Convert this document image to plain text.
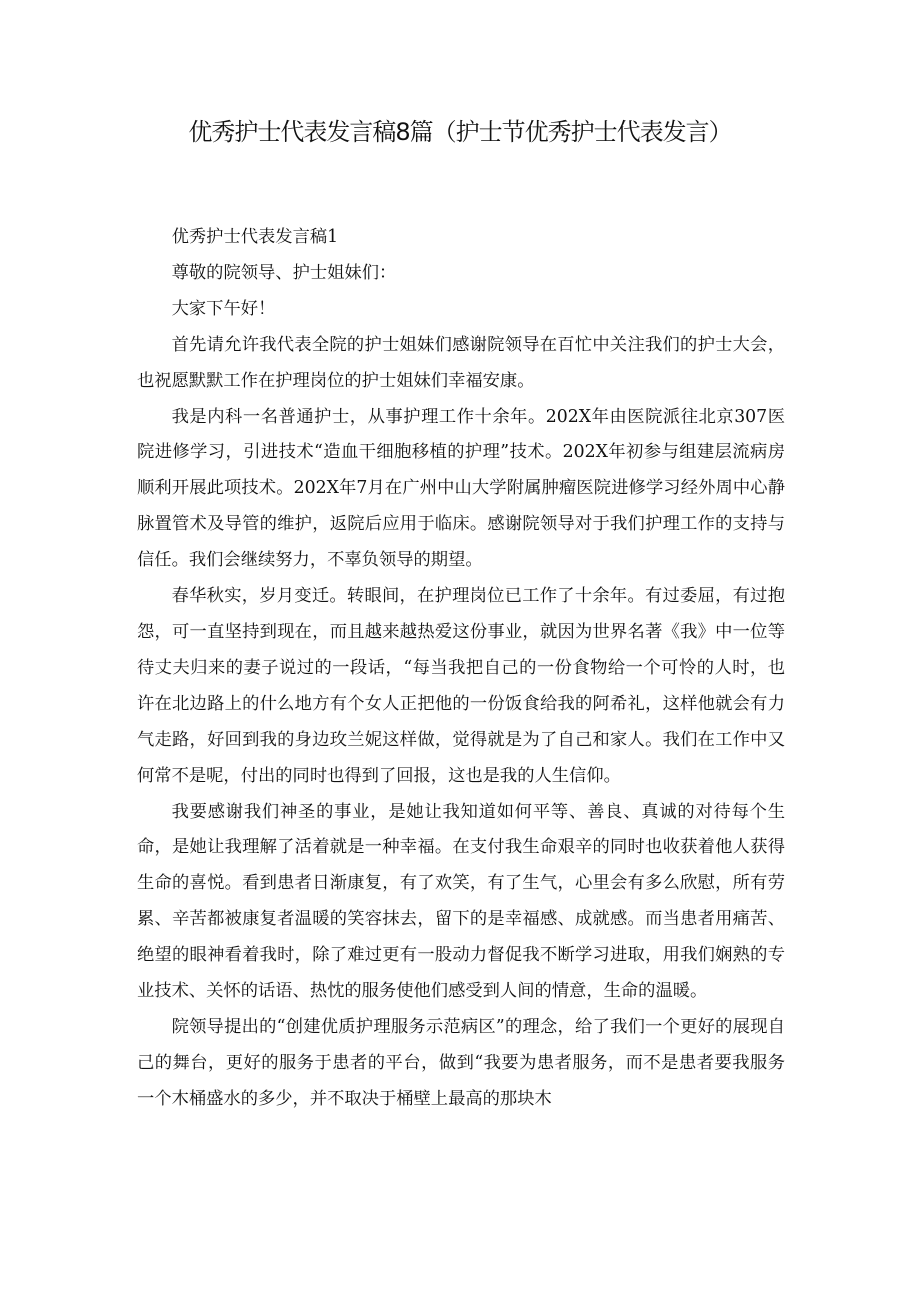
优秀护士代表发言稿8篇（护士节优秀护士代表发言）

优秀护士代表发言稿1

尊敬的院领导、护士姐妹们：

大家下午好！

首先请允许我代表全院的护士姐妹们感谢院领导在百忙中关注我们的护士大会，也祝愿默默工作在护理岗位的护士姐妹们幸福安康。

我是内科一名普通护士，从事护理工作十余年。202X年由医院派往北京307医院进修学习，引进技术“造血干细胞移植的护理”技术。202X年初参与组建层流病房顺利开展此项技术。202X年7月在广州中山大学附属肿瘤医院进修学习经外周中心静脉置管术及导管的维护，返院后应用于临床。感谢院领导对于我们护理工作的支持与信任。我们会继续努力，不辜负领导的期望。

春华秋实，岁月变迁。转眼间，在护理岗位已工作了十余年。有过委屈，有过抱怨，可一直坚持到现在，而且越来越热爱这份事业，就因为世界名著《我》中一位等待丈夫归来的妻子说过的一段话，“每当我把自己的一份食物给一个可怜的人时，也许在北边路上的什么地方有个女人正把他的一份饭食给我的阿希礼，这样他就会有力气走路，好回到我的身边玫兰妮这样做，觉得就是为了自己和家人。我们在工作中又何常不是呢，付出的同时也得到了回报，这也是我的人生信仰。

我要感谢我们神圣的事业，是她让我知道如何平等、善良、真诚的对待每个生命，是她让我理解了活着就是一种幸福。在支付我生命艰辛的同时也收获着他人获得生命的喜悦。看到患者日渐康复，有了欢笑，有了生气，心里会有多么欣慰，所有劳累、辛苦都被康复者温暖的笑容抹去，留下的是幸福感、成就感。而当患者用痛苦、绝望的眼神看着我时，除了难过更有一股动力督促我不断学习进取，用我们娴熟的专业技术、关怀的话语、热忱的服务使他们感受到人间的情意，生命的温暖。

院领导提出的“创建优质护理服务示范病区”的理念，给了我们一个更好的展现自己的舞台，更好的服务于患者的平台，做到“我要为患者服务，而不是患者要我服务一个木桶盛水的多少，并不取决于桶壁上最高的那块木
